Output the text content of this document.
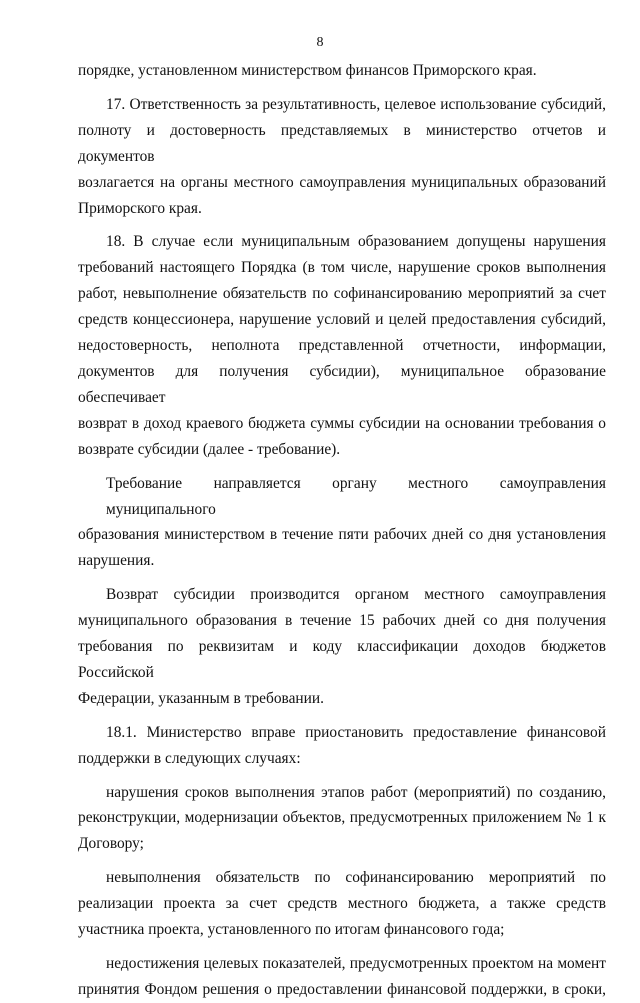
8
порядке, установленном министерством финансов Приморского края.
17. Ответственность за результативность, целевое использование субсидий,
полноту и достоверность представляемых в министерство отчетов и документов
возлагается на органы местного самоуправления муниципальных образований
Приморского края.
18. В случае если муниципальным образованием допущены нарушения
требований настоящего Порядка (в том числе, нарушение сроков выполнения
работ, невыполнение обязательств по софинансированию мероприятий за счет
средств концессионера, нарушение условий и целей предоставления субсидий,
недостоверность, неполнота представленной отчетности, информации,
документов для получения субсидии), муниципальное образование обеспечивает
возврат в доход краевого бюджета суммы субсидии на основании требования о
возврате субсидии (далее - требование).
Требование направляется органу местного самоуправления муниципального
образования министерством в течение пяти рабочих дней со дня установления
нарушения.
Возврат субсидии производится органом местного самоуправления
муниципального образования в течение 15 рабочих дней со дня получения
требования по реквизитам и коду классификации доходов бюджетов Российской
Федерации, указанным в требовании.
18.1. Министерство вправе приостановить предоставление финансовой
поддержки в следующих случаях:
нарушения сроков выполнения этапов работ (мероприятий) по созданию,
реконструкции, модернизации объектов, предусмотренных приложением № 1 к
Договору;
невыполнения обязательств по софинансированию мероприятий по
реализации проекта за счет средств местного бюджета, а также средств
участника проекта, установленного по итогам финансового года;
недостижения целевых показателей, предусмотренных проектом на момент
принятия Фондом решения о предоставлении финансовой поддержки, в сроки,
